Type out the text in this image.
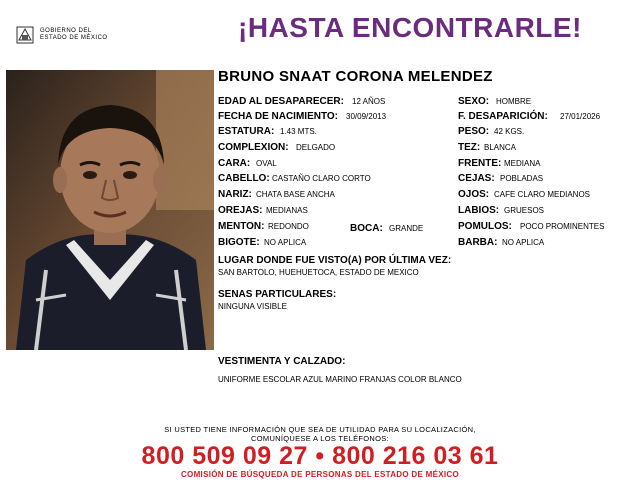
GOBIERNO DEL
ESTADO DE MÉXICO	¡HASTA ENCONTRARLE!
BRUNO SNAAT CORONA MELENDEZ
EDAD AL DESAPARECER: 12 AÑOS
FECHA DE NACIMIENTO: 30/09/2013
ESTATURA: 1.43 MTS.
COMPLEXION: DELGADO
CARA: OVAL
CABELLO: CASTAÑO CLARO CORTO
NARIZ: CHATA BASE ANCHA
OREJAS: MEDIANAS
MENTON: REDONDO	BOCA: GRANDE
BIGOTE: NO APLICA
SEXO: HOMBRE
F. DESAPARICIÓN: 27/01/2026
PESO: 42 KGS.
TEZ: BLANCA
FRENTE: MEDIANA
CEJAS: POBLADAS
OJOS: CAFE CLARO MEDIANOS
LABIOS: GRUESOS
POMULOS: POCO PROMINENTES
BARBA: NO APLICA
LUGAR DONDE FUE VISTO(A) POR ÚLTIMA VEZ:
SAN BARTOLO, HUEHUETOCA, ESTADO DE MEXICO
SENAS PARTICULARES:
NINGUNA VISIBLE
VESTIMENTA Y CALZADO:
UNIFORME ESCOLAR AZUL MARINO FRANJAS COLOR BLANCO
SI USTED TIENE INFORMACIÓN QUE SEA DE UTILIDAD PARA SU LOCALIZACIÓN,
COMUNÍQUESE A LOS TELÉFONOS:
800 509 09 27 • 800 216 03 61
COMISIÓN DE BÚSQUEDA DE PERSONAS DEL ESTADO DE MÉXICO
